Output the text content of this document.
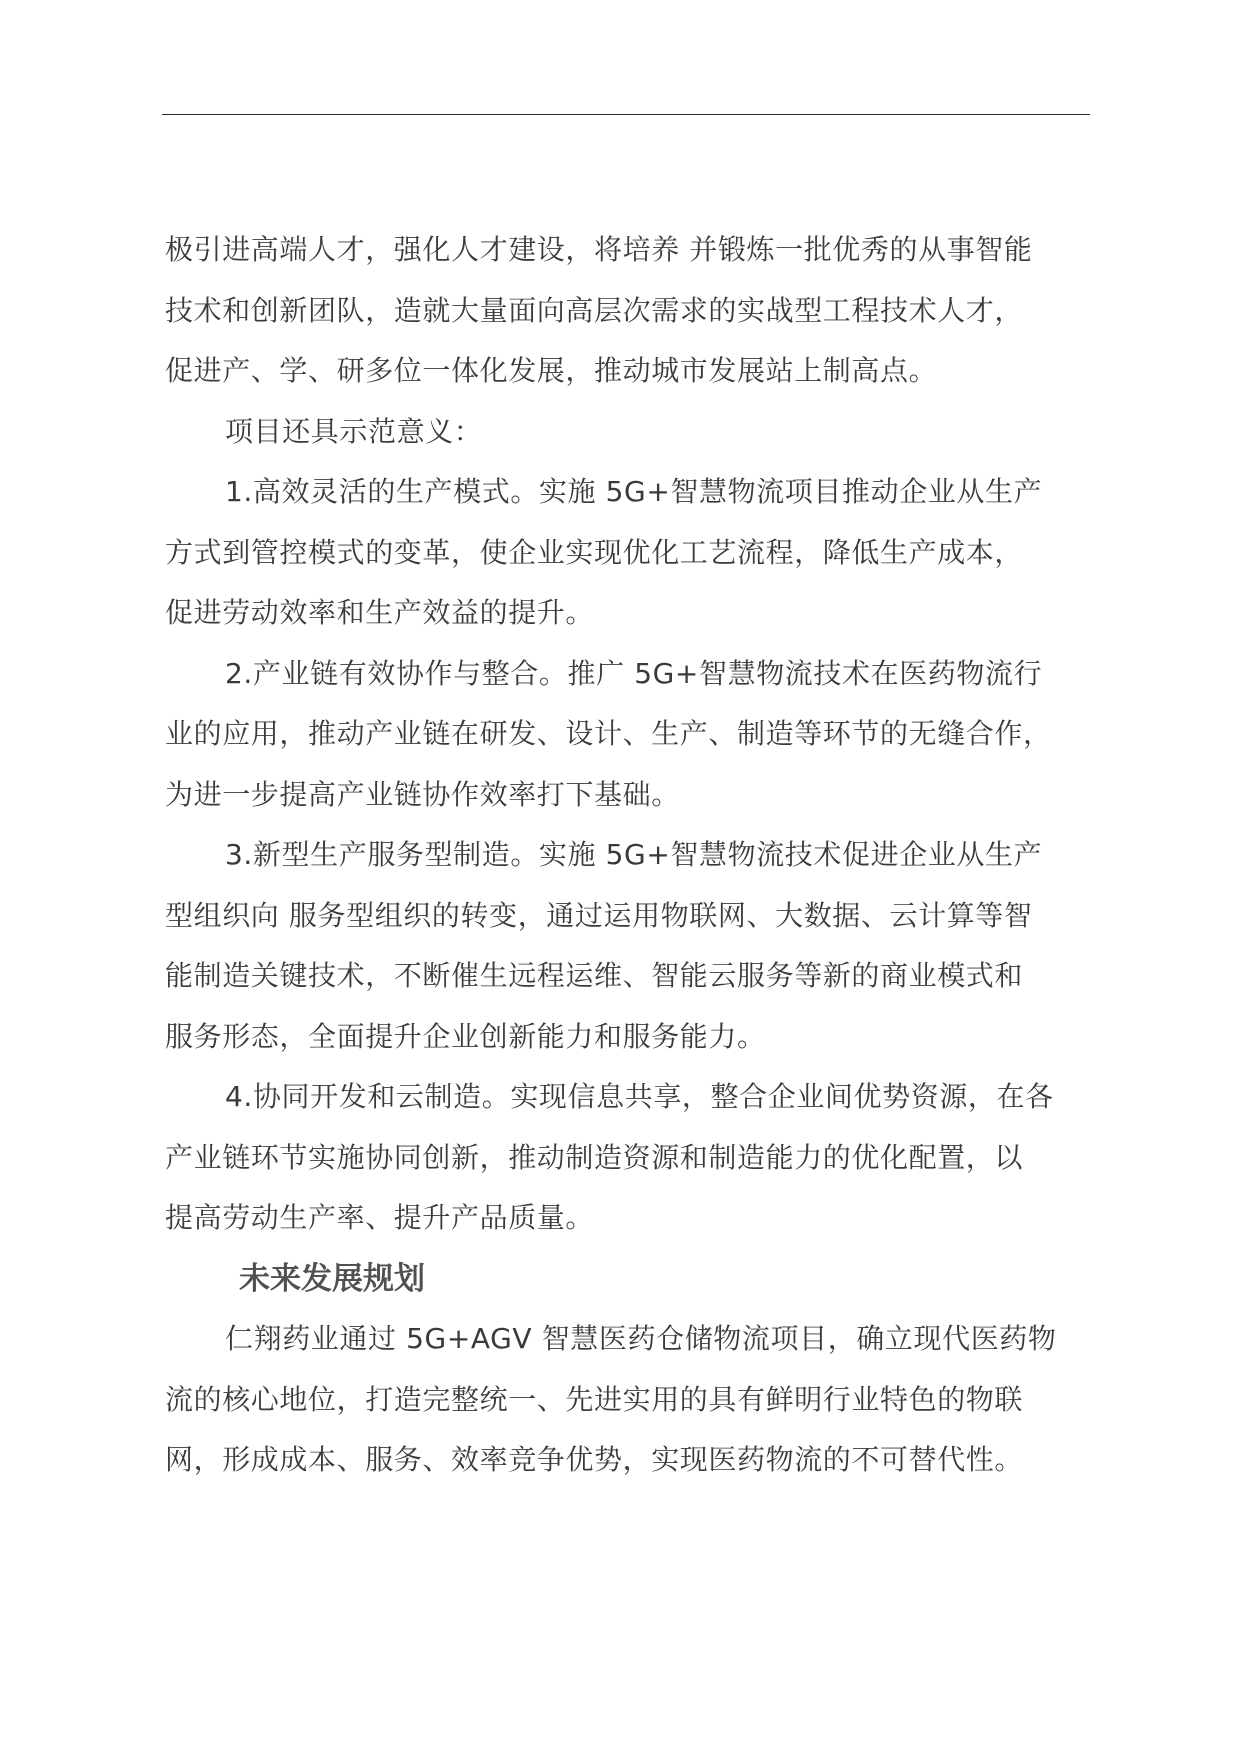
极引进高端人才，强化人才建设，将培养 并锻炼一批优秀的从事智能
技术和创新团队，造就大量面向高层次需求的实战型工程技术人才，
促进产、学、研多位一体化发展，推动城市发展站上制高点。
项目还具示范意义：
1.高效灵活的生产模式。实施 5G+智慧物流项目推动企业从生产
方式到管控模式的变革，使企业实现优化工艺流程，降低生产成本，
促进劳动效率和生产效益的提升。
2.产业链有效协作与整合。推广 5G+智慧物流技术在医药物流行
业的应用，推动产业链在研发、设计、生产、制造等环节的无缝合作，
为进一步提高产业链协作效率打下基础。
3.新型生产服务型制造。实施 5G+智慧物流技术促进企业从生产
型组织向 服务型组织的转变，通过运用物联网、大数据、云计算等智
能制造关键技术，不断催生远程运维、智能云服务等新的商业模式和
服务形态，全面提升企业创新能力和服务能力。
4.协同开发和云制造。实现信息共享，整合企业间优势资源，在各
产业链环节实施协同创新，推动制造资源和制造能力的优化配置，以
提高劳动生产率、提升产品质量。
未来发展规划
仁翔药业通过 5G+AGV 智慧医药仓储物流项目，确立现代医药物
流的核心地位，打造完整统一、先进实用的具有鲜明行业特色的物联
网，形成成本、服务、效率竞争优势，实现医药物流的不可替代性。
